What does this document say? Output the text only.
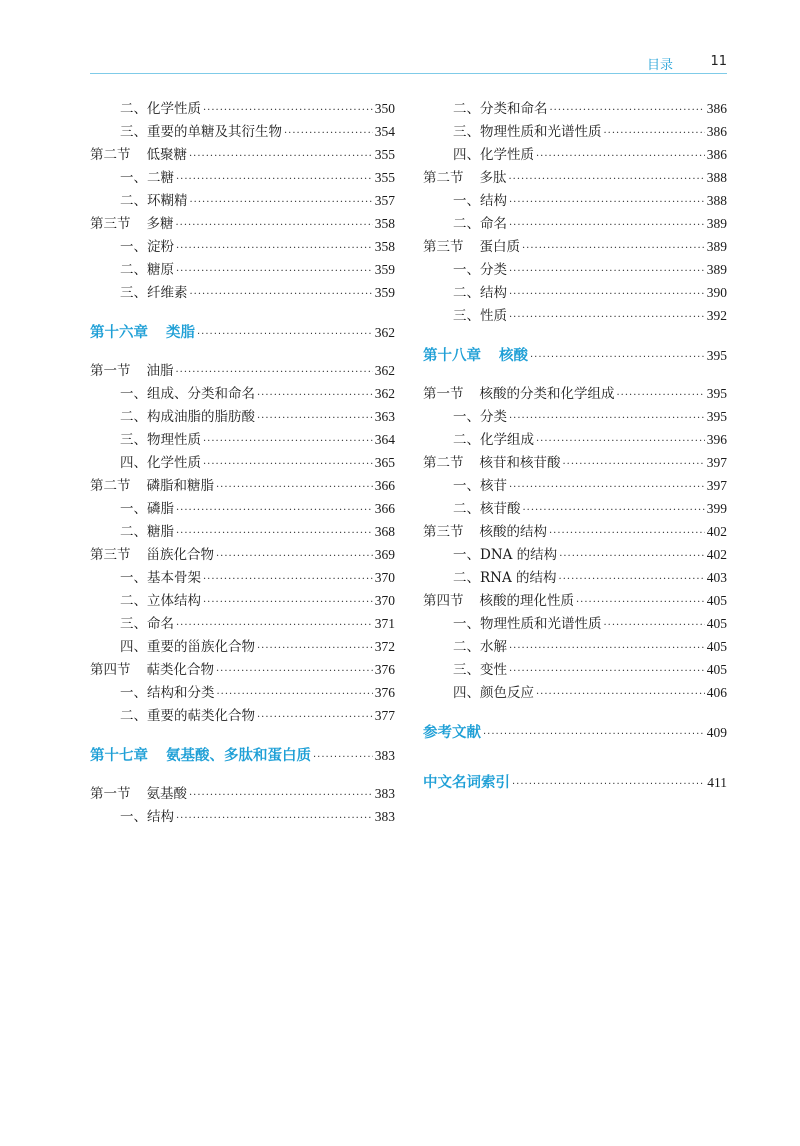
目录	11
二、化学性质 ·····	350
三、重要的单糖及其衍生物 ·····	354
第二节 低聚糖 ·····	355
一、二糖 ·····	355
二、环糊精 ·····	357
第三节 多糖 ·····	358
一、淀粉 ·····	358
二、糖原 ·····	359
三、纤维素 ·····	359
第十六章 类脂 ·····	362
第一节 油脂 ·····	362
一、组成、分类和命名 ·····	362
二、构成油脂的脂肪酸 ·····	363
三、物理性质 ·····	364
四、化学性质 ·····	365
第二节 磷脂和糖脂 ·····	366
一、磷脂 ·····	366
二、糖脂 ·····	368
第三节 甾族化合物 ·····	369
一、基本骨架 ·····	370
二、立体结构 ·····	370
三、命名 ·····	371
四、重要的甾族化合物 ·····	372
第四节 萜类化合物 ·····	376
一、结构和分类 ·····	376
二、重要的萜类化合物 ·····	377
第十七章 氨基酸、多肽和蛋白质 ·····	383
第一节 氨基酸 ·····	383
一、结构 ·····	383
二、分类和命名 ·····	386
三、物理性质和光谱性质 ·····	386
四、化学性质 ·····	386
第二节 多肽 ·····	388
一、结构 ·····	388
二、命名 ·····	389
第三节 蛋白质 ·····	389
一、分类 ·····	389
二、结构 ·····	390
三、性质 ·····	392
第十八章 核酸 ·····	395
第一节 核酸的分类和化学组成 ·····	395
一、分类 ·····	395
二、化学组成 ·····	396
第二节 核苷和核苷酸 ·····	397
一、核苷 ·····	397
二、核苷酸 ·····	399
第三节 核酸的结构 ·····	402
一、DNA 的结构 ·····	402
二、RNA 的结构 ·····	403
第四节 核酸的理化性质 ·····	405
一、物理性质和光谱性质 ·····	405
二、水解 ·····	405
三、变性 ·····	405
四、颜色反应 ·····	406
参考文献 ·····	409
中文名词索引 ·····	411
